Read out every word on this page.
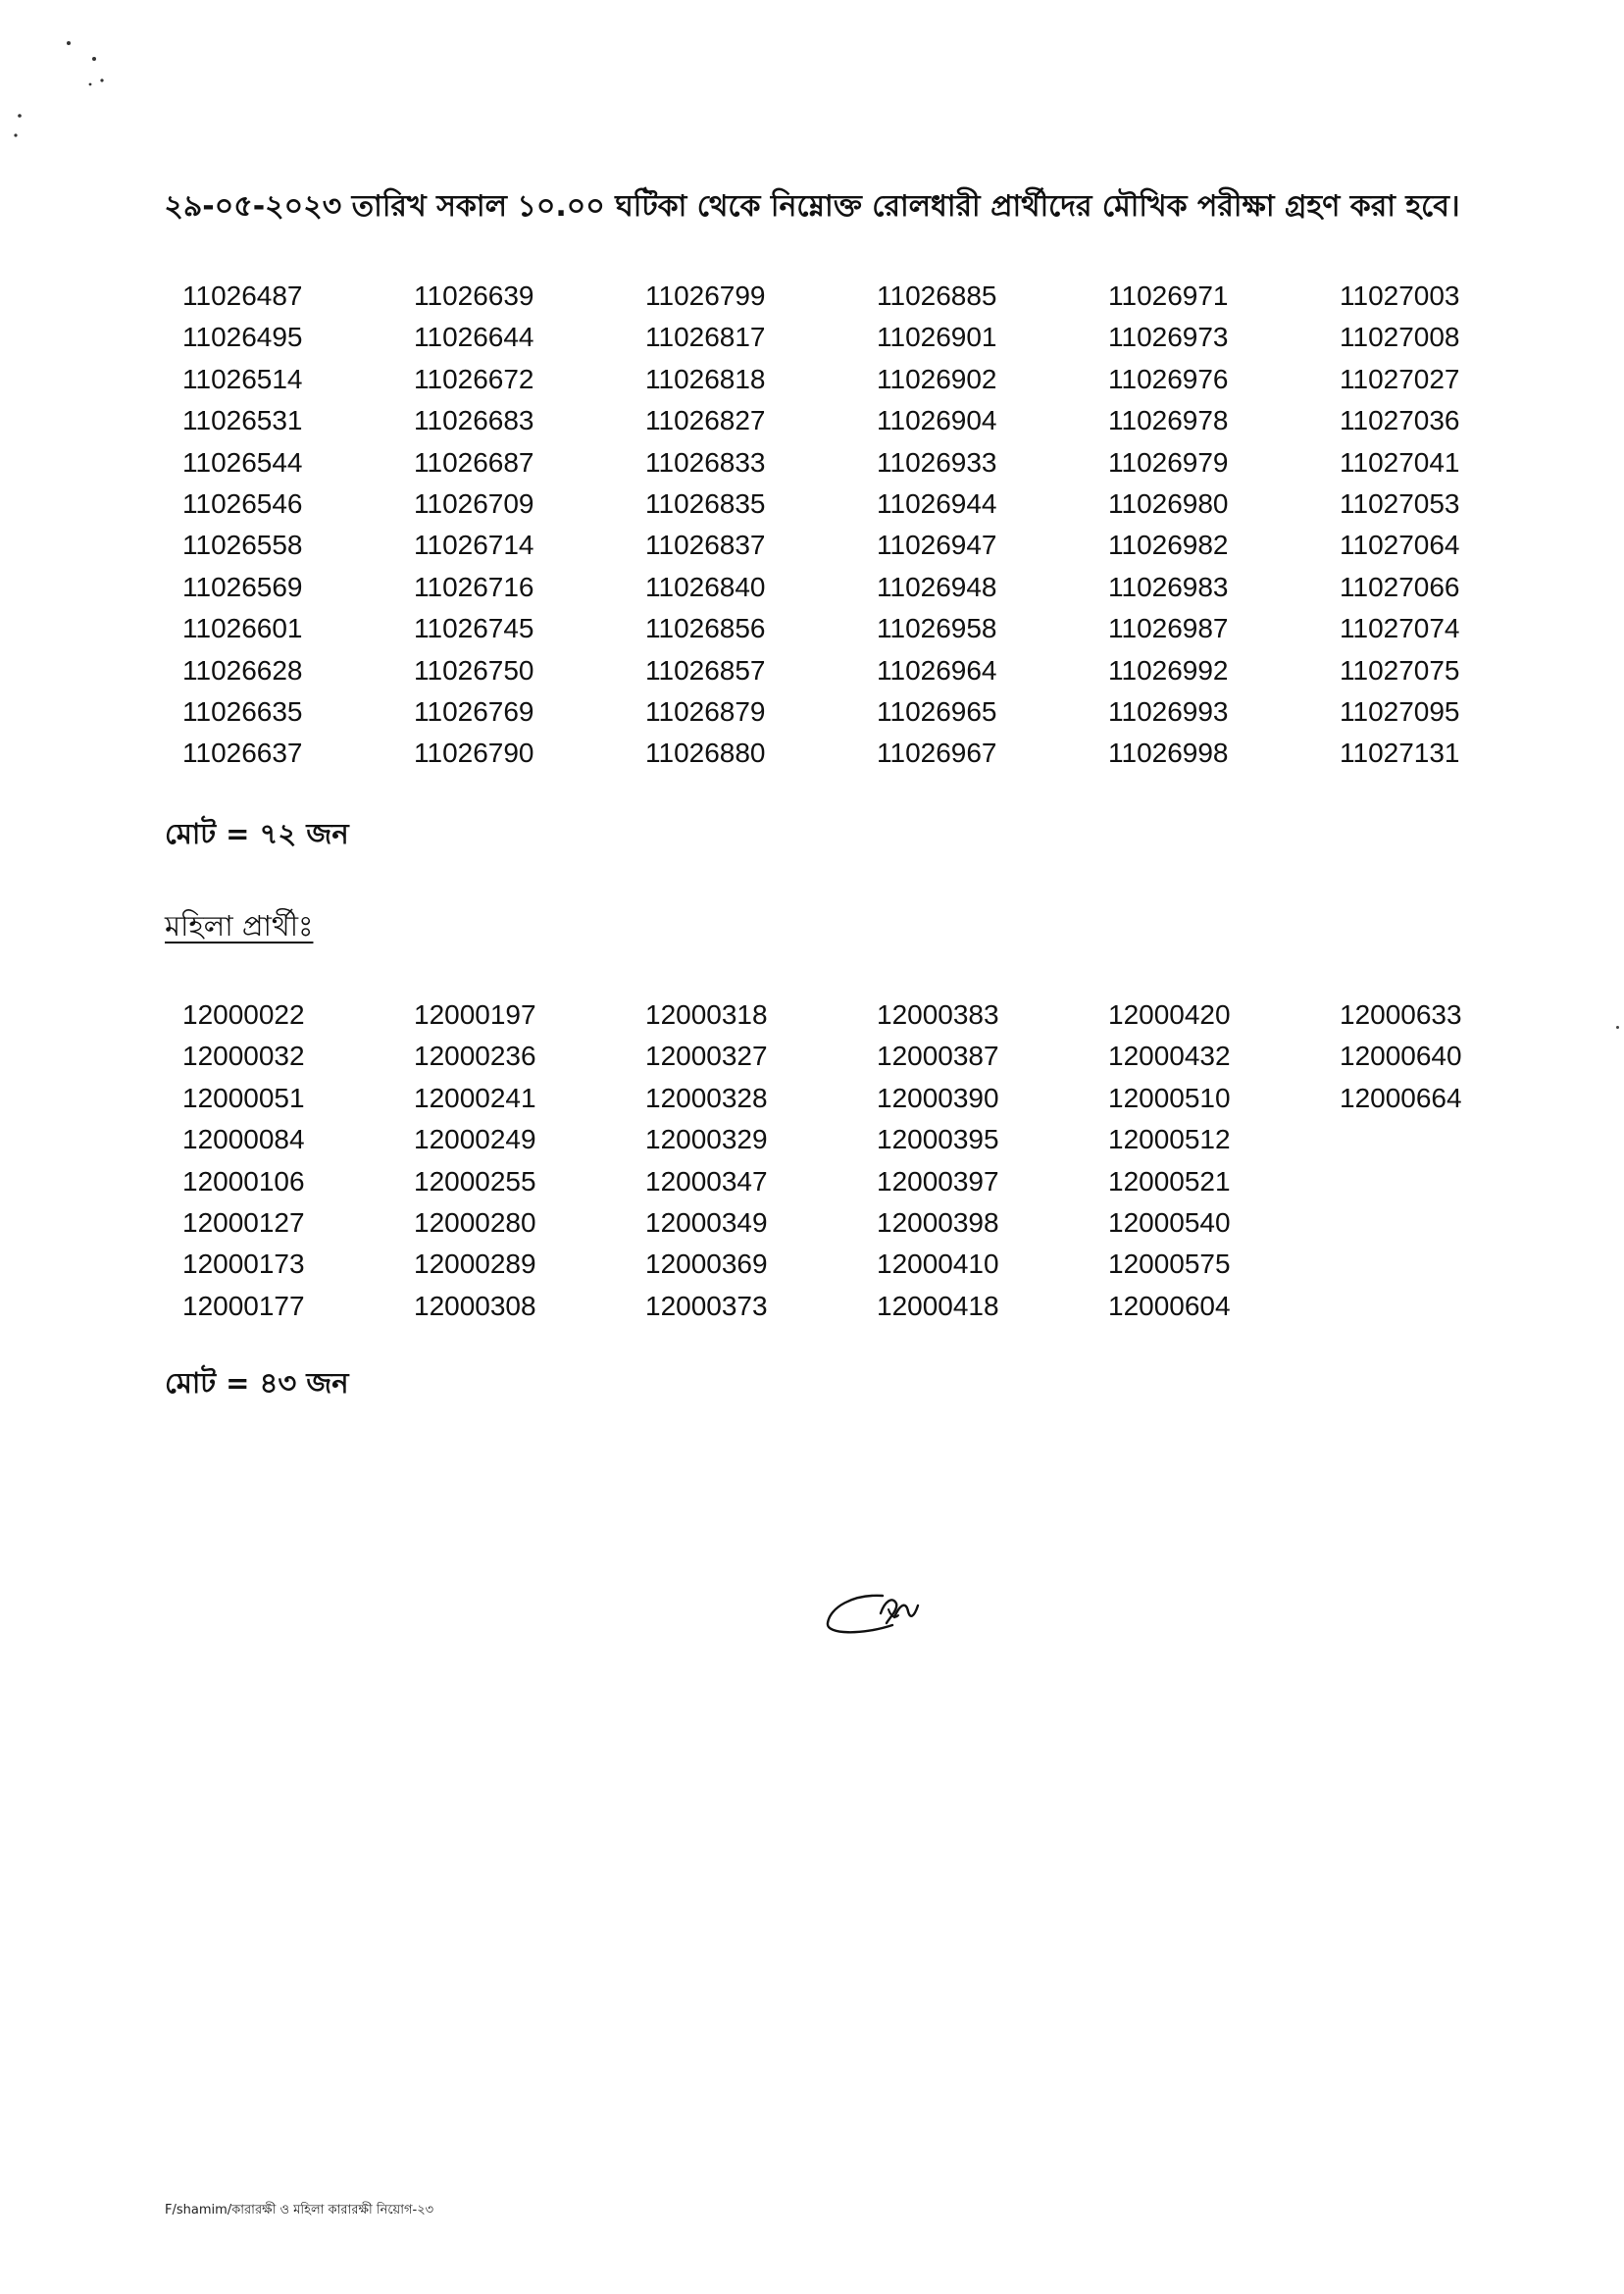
২৯-০৫-২০২৩ তারিখ সকাল ১০.০০ ঘটিকা থেকে নিম্নোক্ত রোলধারী প্রার্থীদের মৌখিক পরীক্ষা গ্রহণ করা হবে।
11026487	11026639	11026799	11026885	11026971	11027003
11026495	11026644	11026817	11026901	11026973	11027008
11026514	11026672	11026818	11026902	11026976	11027027
11026531	11026683	11026827	11026904	11026978	11027036
11026544	11026687	11026833	11026933	11026979	11027041
11026546	11026709	11026835	11026944	11026980	11027053
11026558	11026714	11026837	11026947	11026982	11027064
11026569	11026716	11026840	11026948	11026983	11027066
11026601	11026745	11026856	11026958	11026987	11027074
11026628	11026750	11026857	11026964	11026992	11027075
11026635	11026769	11026879	11026965	11026993	11027095
11026637	11026790	11026880	11026967	11026998	11027131
মোট = ৭২ জন
মহিলা প্রার্থীঃ
12000022	12000197	12000318	12000383	12000420	12000633
12000032	12000236	12000327	12000387	12000432	12000640
12000051	12000241	12000328	12000390	12000510	12000664
12000084	12000249	12000329	12000395	12000512
12000106	12000255	12000347	12000397	12000521
12000127	12000280	12000349	12000398	12000540
12000173	12000289	12000369	12000410	12000575
12000177	12000308	12000373	12000418	12000604
মোট = ৪৩ জন
F/shamim/কারারক্ষী ও মহিলা কারারক্ষী নিয়োগ-২৩
